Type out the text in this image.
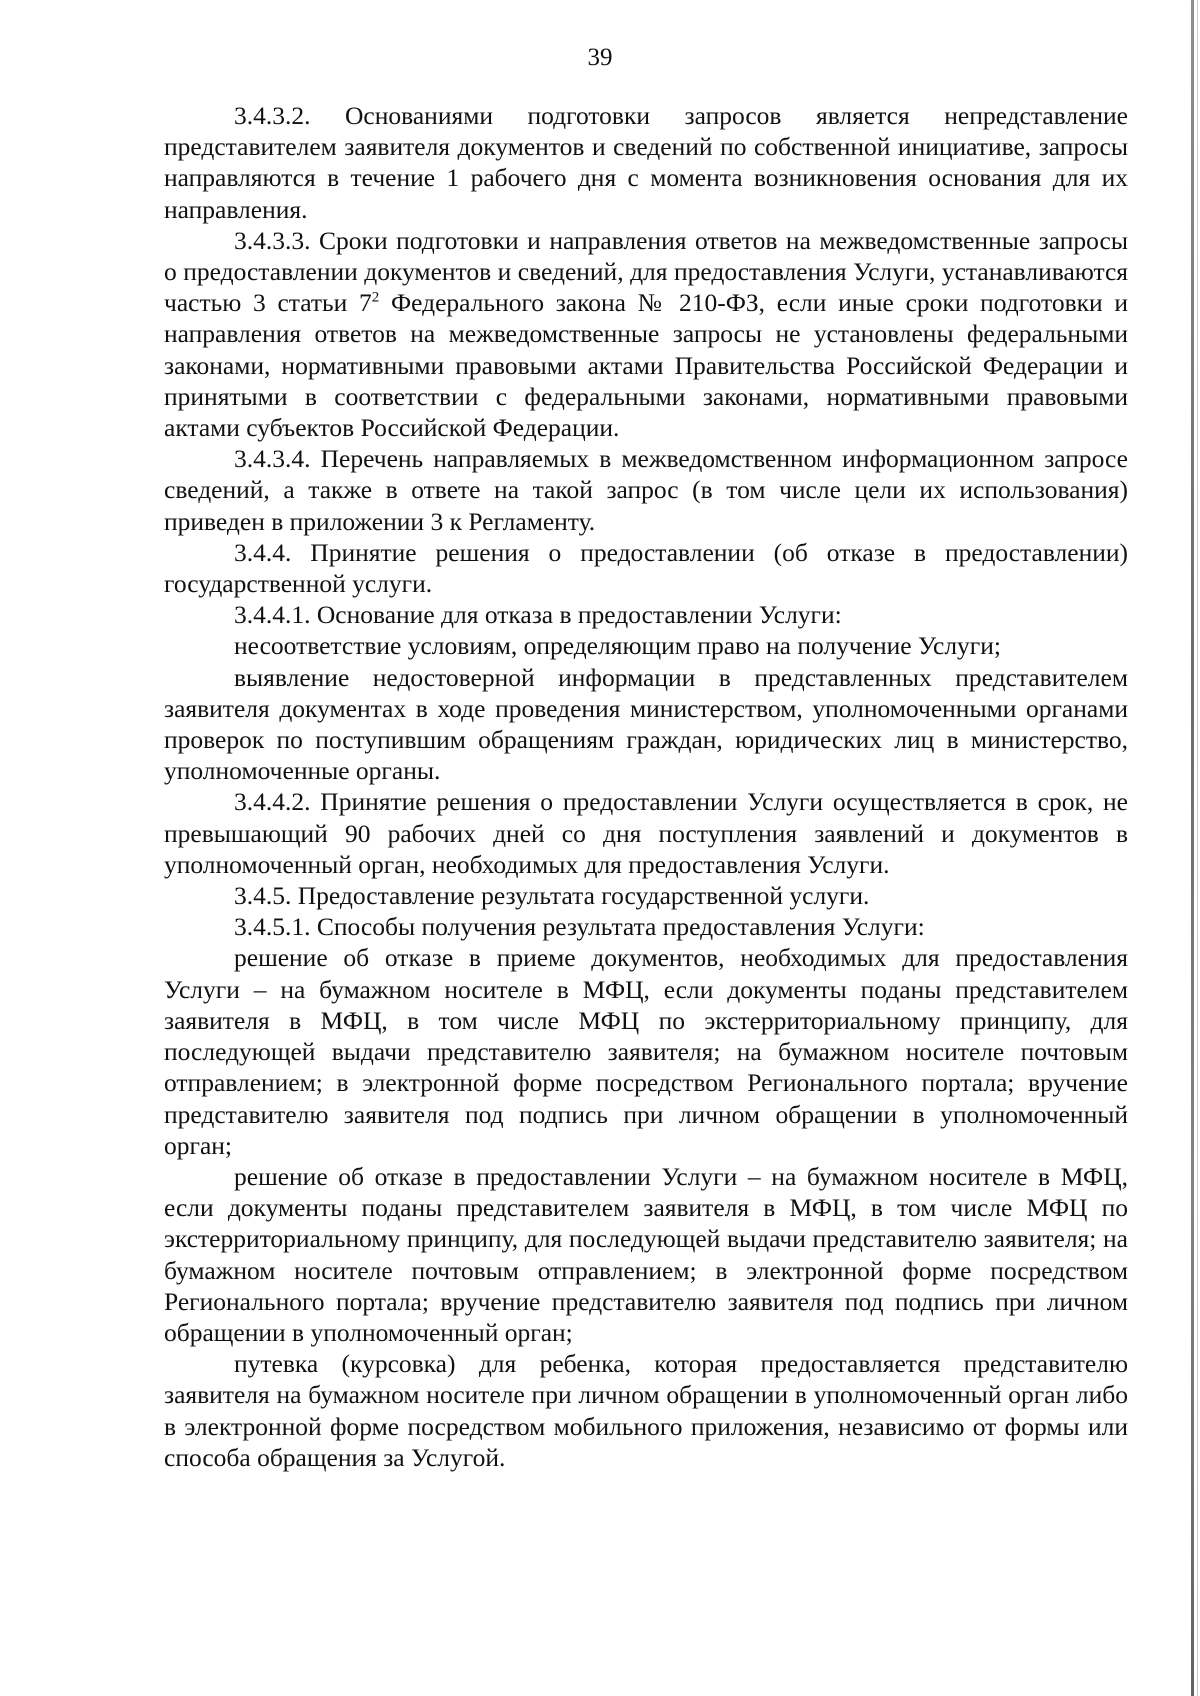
39

3.4.3.2. Основаниями подготовки запросов является непредставление представителем заявителя документов и сведений по собственной инициативе, запросы направляются в течение 1 рабочего дня с момента возникновения основания для их направления.

3.4.3.3. Сроки подготовки и направления ответов на межведомственные запросы о предоставлении документов и сведений, для предоставления Услуги, устанавливаются частью 3 статьи $7^2$ Федерального закона № 210-ФЗ, если иные сроки подготовки и направления ответов на межведомственные запросы не установлены федеральными законами, нормативными правовыми актами Правительства Российской Федерации и принятыми в соответствии с федеральными законами, нормативными правовыми актами субъектов Российской Федерации.

3.4.3.4. Перечень направляемых в межведомственном информационном запросе сведений, а также в ответе на такой запрос (в том числе цели их использования) приведен в приложении 3 к Регламенту.

3.4.4. Принятие решения о предоставлении (об отказе в предоставлении) государственной услуги.

3.4.4.1. Основание для отказа в предоставлении Услуги:

несоответствие условиям, определяющим право на получение Услуги;

выявление недостоверной информации в представленных представителем заявителя документах в ходе проведения министерством, уполномоченными органами проверок по поступившим обращениям граждан, юридических лиц в министерство, уполномоченные органы.

3.4.4.2. Принятие решения о предоставлении Услуги осуществляется в срок, не превышающий 90 рабочих дней со дня поступления заявлений и документов в уполномоченный орган, необходимых для предоставления Услуги.

3.4.5. Предоставление результата государственной услуги.

3.4.5.1. Способы получения результата предоставления Услуги:

решение об отказе в приеме документов, необходимых для предоставления Услуги – на бумажном носителе в МФЦ, если документы поданы представителем заявителя в МФЦ, в том числе МФЦ по экстерриториальному принципу, для последующей выдачи представителю заявителя; на бумажном носителе почтовым отправлением; в электронной форме посредством Регионального портала; вручение представителю заявителя под подпись при личном обращении в уполномоченный орган;

решение об отказе в предоставлении Услуги – на бумажном носителе в МФЦ, если документы поданы представителем заявителя в МФЦ, в том числе МФЦ по экстерриториальному принципу, для последующей выдачи представителю заявителя; на бумажном носителе почтовым отправлением; в электронной форме посредством Регионального портала; вручение представителю заявителя под подпись при личном обращении в уполномоченный орган;

путевка (курсовка) для ребенка, которая предоставляется представителю заявителя на бумажном носителе при личном обращении в уполномоченный орган либо в электронной форме посредством мобильного приложения, независимо от формы или способа обращения за Услугой.
